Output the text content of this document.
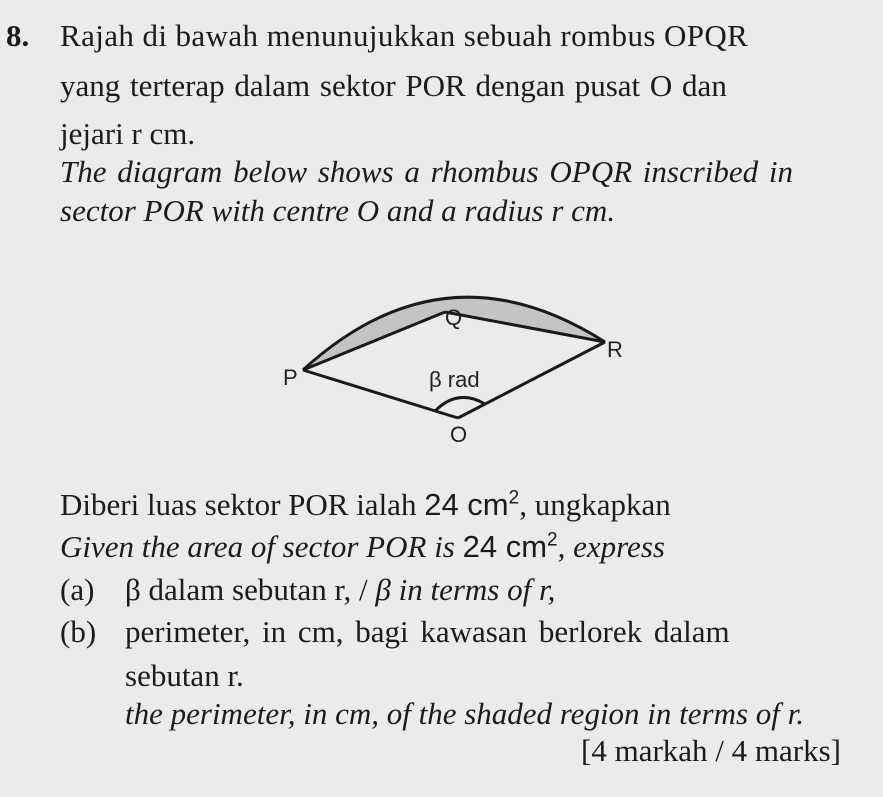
8. Rajah di bawah menunujukkan sebuah rombus OPQR
yang terterap dalam sektor POR dengan pusat O dan
jejari r cm.
The diagram below shows a rhombus OPQR inscribed in
sector POR with centre O and a radius r cm.
Q
R
P	β rad
O
Diberi luas sektor POR ialah 24 $cm^2$, ungkapkan
Given the area of sector POR is 24 $cm^2$, express
(a) β dalam sebutan r, / β in terms of r,
(b) perimeter, in cm, bagi kawasan berlorek dalam
sebutan r.
the perimeter, in cm, of the shaded region in terms of r.
[4 markah / 4 marks]
